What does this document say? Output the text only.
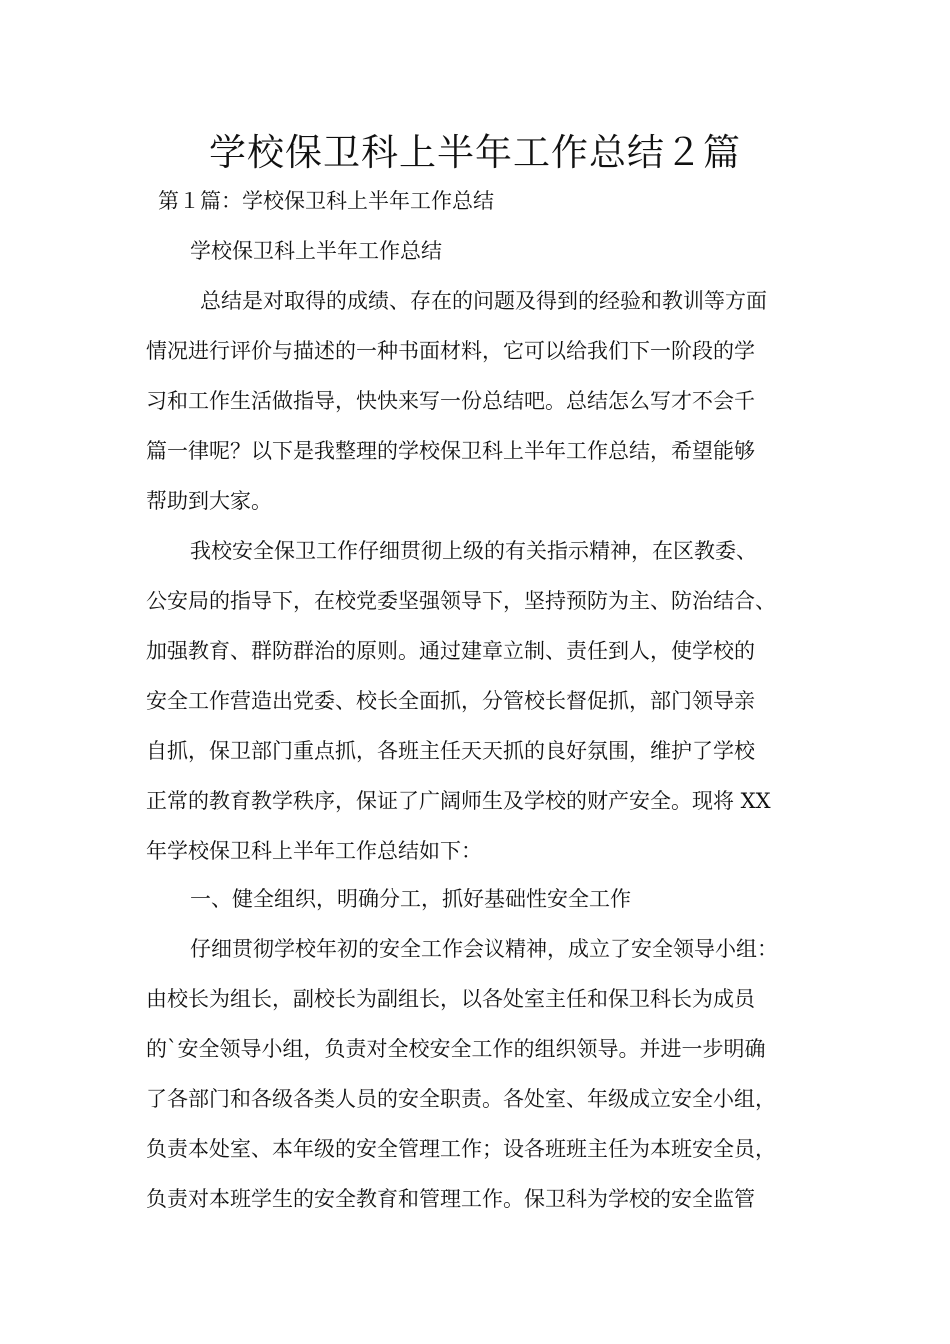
学校保卫科上半年工作总结２篇
第１篇：学校保卫科上半年工作总结
学校保卫科上半年工作总结
总结是对取得的成绩、存在的问题及得到的经验和教训等方面
情况进行评价与描述的一种书面材料，它可以给我们下一阶段的学
习和工作生活做指导，快快来写一份总结吧。总结怎么写才不会千
篇一律呢？以下是我整理的学校保卫科上半年工作总结，希望能够
帮助到大家。
我校安全保卫工作仔细贯彻上级的有关指示精神，在区教委、
公安局的指导下，在校党委坚强领导下，坚持预防为主、防治结合、
加强教育、群防群治的原则。通过建章立制、责任到人，使学校的
安全工作营造出党委、校长全面抓，分管校长督促抓，部门领导亲
自抓，保卫部门重点抓，各班主任天天抓的良好氛围，维护了学校
正常的教育教学秩序，保证了广阔师生及学校的财产安全。现将 XX
年学校保卫科上半年工作总结如下：
一、健全组织，明确分工，抓好基础性安全工作
仔细贯彻学校年初的安全工作会议精神，成立了安全领导小组：
由校长为组长，副校长为副组长，以各处室主任和保卫科长为成员
的`安全领导小组，负责对全校安全工作的组织领导。并进一步明确
了各部门和各级各类人员的安全职责。各处室、年级成立安全小组，
负责本处室、本年级的安全管理工作；设各班班主任为本班安全员，
负责对本班学生的安全教育和管理工作。保卫科为学校的安全监管
